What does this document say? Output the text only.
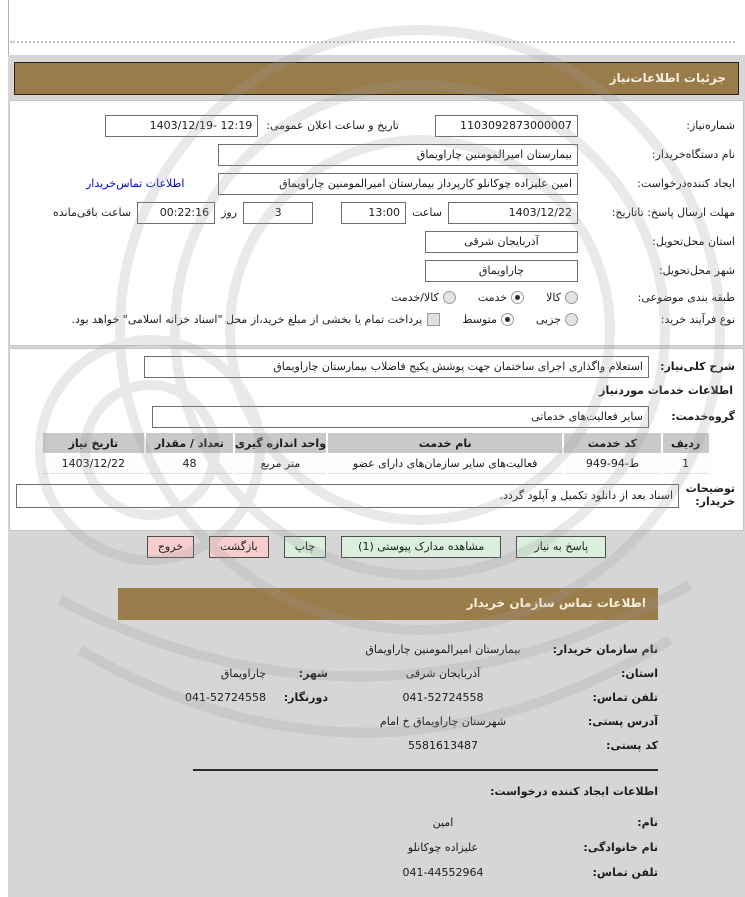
جزئیات اطلاعات‌نیاز
شماره‌نیاز:
1103092873000007
تاریخ و ساعت اعلان عمومی:
1403/12/19- 12:19
نام دستگاه‌خریدار:
بیمارستان امیرالمومنین چاراویماق
ایجاد کننده‌درخواست:
امین علیزاده چوکانلو کارپرداز بیمارستان امیرالمومنین چاراویماق
اطلاعات تماس‌خریدار
مهلت ارسال پاسخ: تاتاریخ:
1403/12/22
ساعت
13:00
3
روز
00:22:16
ساعت باقی‌مانده
استان محل‌تحویل:
آذربایجان شرقی
شهر محل‌تحویل:
چاراویماق
طبقه بندی موضوعی:
کالا
خدمت
کالا/خدمت
نوع فرآیند خرید:
جزیی
متوسط
پرداخت تمام یا بخشی از مبلغ خرید،از محل "اسناد خزانه اسلامی" خواهد بود.
شرح کلی‌نیاز:
استعلام واگذاری اجرای ساختمان جهت پوشش پکیج فاضلاب بیمارستان چاراویماق
اطلاعات خدمات موردنیاز
گروه‌خدمت:
سایر فعالیت‌های خدماتی
ردیف	کد خدمت	نام خدمت	واحد اندازه گیری	تعداد / مقدار	تاریخ نیاز
1	ط-94-949	فعالیت‌های سایر سازمان‌های دارای عضو	متر مربع	48	1403/12/22
توضیحات خریدار:
اسناد بعد از دانلود تکمیل و آپلود گردد.
پاسخ به نیاز
مشاهده مدارک پیوستی (1)
چاپ
بازگشت
خروج
اطلاعات تماس سازمان خریدار
نام سازمان خریدار:
بیمارستان امیرالمومنین چاراویماق
استان:
آذربایجان شرقی
شهر:
چاراویماق
تلفن تماس:
041-52724558
دورنگار:
041-52724558
آدرس پستی:
شهرستان چاراویماق خ امام
کد پستی:
5581613487
اطلاعات ایجاد کننده درخواست:
نام:
امین
نام خانوادگی:
علیزاده چوکانلو
تلفن تماس:
041-44552964
